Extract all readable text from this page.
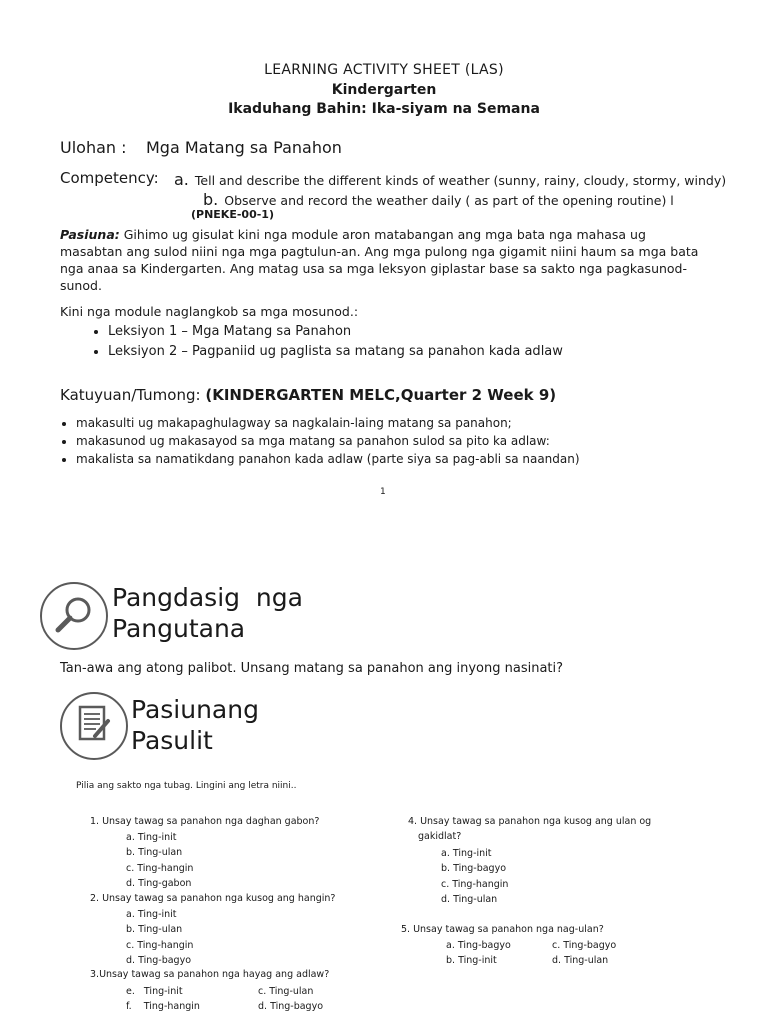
LEARNING ACTIVITY SHEET (LAS)
Kindergarten
Ikaduhang Bahin: Ika-siyam na Semana
Ulohan : Mga Matang sa Panahon
Competency: a. Tell and describe the different kinds of weather (sunny, rainy, cloudy, stormy, windy)
b. Observe and record the weather daily ( as part of the opening routine) l
(PNEKE-00-1)
Pasiuna: Gihimo ug gisulat kini nga module aron matabangan ang mga bata nga mahasa ug masabtan ang sulod niini nga mga pagtulun-an. Ang mga pulong nga gigamit niini haum sa mga bata nga anaa sa Kindergarten. Ang matag usa sa mga leksyon giplastar base sa sakto nga pagkasunod-sunod.
Kini nga module naglangkob sa mga mosunod.:
• Leksiyon 1 – Mga Matang sa Panahon
• Leksiyon 2 – Pagpaniid ug paglista sa matang sa panahon kada adlaw
Katuyuan/Tumong: (KINDERGARTEN MELC,Quarter 2 Week 9)
• makasulti ug makapaghulagway sa nagkalain-laing matang sa panahon;
• makasunod ug makasayod sa mga matang sa panahon sulod sa pito ka adlaw:
• makalista sa namatikdang panahon kada adlaw (parte siya sa pag-abli sa naandan)
1
Pangdasig  nga
Pangutana
Tan-awa ang atong palibot. Unsang matang sa panahon ang inyong nasinati?
Pasiunang
Pasulit
Pilia ang sakto nga tubag. Lingini ang letra niini..
1. Unsay tawag sa panahon nga daghan gabon?
a. Ting-init
b. Ting-ulan
c. Ting-hangin
d. Ting-gabon
2. Unsay tawag sa panahon nga kusog ang hangin?
a. Ting-init
b. Ting-ulan
c. Ting-hangin
d. Ting-bagyo
3.Unsay tawag sa panahon nga hayag ang adlaw?
e.   Ting-init
f.    Ting-hangin
c. Ting-ulan
d. Ting-bagyo
4. Unsay tawag sa panahon nga kusog ang ulan og
gakidlat?
a. Ting-init
b. Ting-bagyo
c. Ting-hangin
d. Ting-ulan
5. Unsay tawag sa panahon nga nag-ulan?
a. Ting-bagyo
b. Ting-init
c. Ting-bagyo
d. Ting-ulan
